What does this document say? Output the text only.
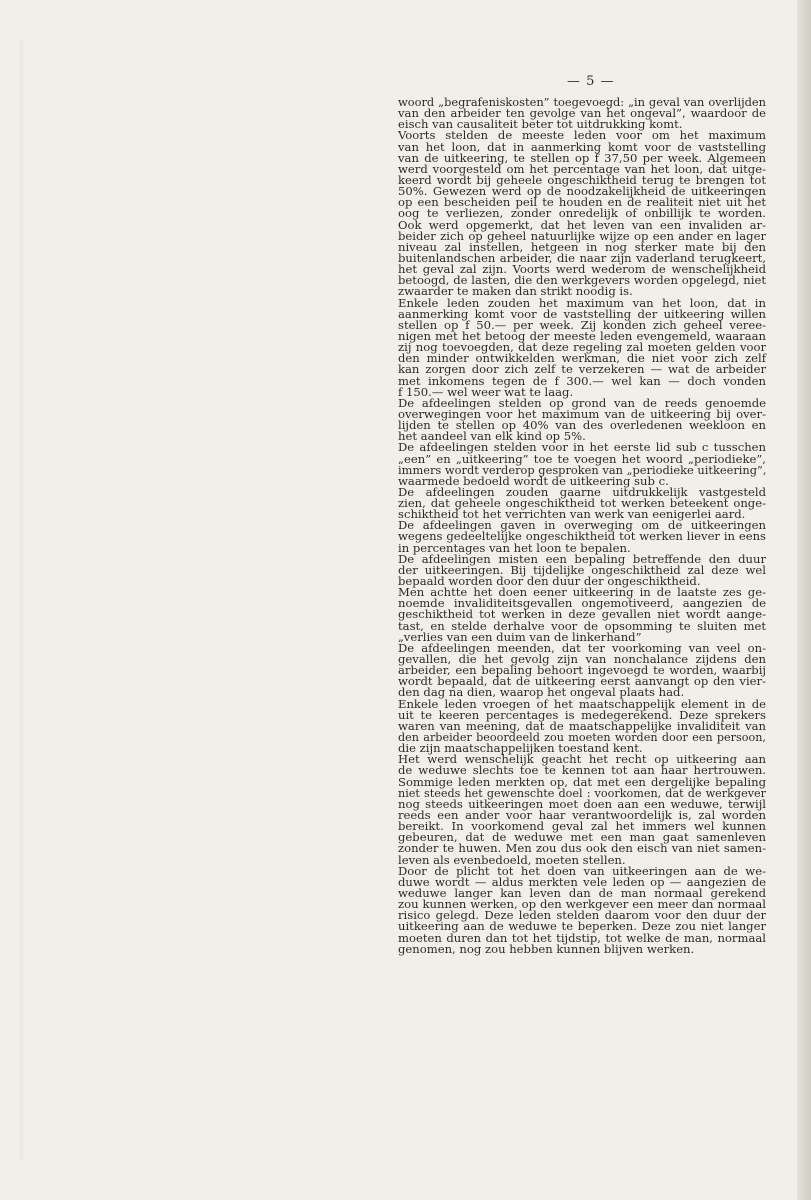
— 5 —
woord „begrafeniskosten” toegevoegd: „in geval van overlijden
van den arbeider ten gevolge van het ongeval”, waardoor de
eisch van causaliteit beter tot uitdrukking komt.
Voorts stelden de meeste leden voor om het maximum
van het loon, dat in aanmerking komt voor de vaststelling
van de uitkeering, te stellen op f 37,50 per week. Algemeen
werd voorgesteld om het percentage van het loon, dat uitge-
keerd wordt bij geheele ongeschiktheid terug te brengen tot
50%. Gewezen werd op de noodzakelijkheid de uitkeeringen
op een bescheiden peil te houden en de realiteit niet uit het
oog te verliezen, zonder onredelijk of onbillijk te worden.
Ook werd opgemerkt, dat het leven van een invaliden ar-
beider zich op geheel natuurlijke wijze op een ander en lager
niveau zal instellen, hetgeen in nog sterker mate bij den
buitenlandschen arbeider, die naar zijn vaderland terugkeert,
het geval zal zijn. Voorts werd wederom de wenschelijkheid
betoogd, de lasten, die den werkgevers worden opgelegd, niet
zwaarder te maken dan strikt noodig is.
Enkele leden zouden het maximum van het loon, dat in
aanmerking komt voor de vaststelling der uitkeering willen
stellen op f 50.— per week. Zij konden zich geheel veree-
nigen met het betoog der meeste leden evengemeld, waaraan
zij nog toevoegden, dat deze regeling zal moeten gelden voor
den minder ontwikkelden werkman, die niet voor zich zelf
kan zorgen door zich zelf te verzekeren — wat de arbeider
met inkomens tegen de f 300.— wel kan — doch vonden
f 150.— wel weer wat te laag.
De afdeelingen stelden op grond van de reeds genoemde
overwegingen voor het maximum van de uitkeering bij over-
lijden te stellen op 40% van des overledenen weekloon en
het aandeel van elk kind op 5%.
De afdeelingen stelden voor in het eerste lid sub c tusschen
„een” en „uitkeering” toe te voegen het woord „periodieke”,
immers wordt verderop gesproken van „periodieke uitkeering”,
waarmede bedoeld wordt de uitkeering sub c.
De afdeelingen zouden gaarne uitdrukkelijk vastgesteld
zien, dat geheele ongeschiktheid tot werken beteekent onge-
schiktheid tot het verrichten van werk van eenigerlei aard.
De afdeelingen gaven in overweging om de uitkeeringen
wegens gedeeltelijke ongeschiktheid tot werken liever in eens
in percentages van het loon te bepalen.
De afdeelingen misten een bepaling betreffende den duur
der uitkeeringen. Bij tijdelijke ongeschiktheid zal deze wel
bepaald worden door den duur der ongeschiktheid.
Men achtte het doen eener uitkeering in de laatste zes ge-
noemde invaliditeitsgevallen ongemotiveerd, aangezien de
geschiktheid tot werken in deze gevallen niet wordt aange-
tast, en stelde derhalve voor de opsomming te sluiten met
„verlies van een duim van de linkerhand”
De afdeelingen meenden, dat ter voorkoming van veel on-
gevallen, die het gevolg zijn van nonchalance zijdens den
arbeider, een bepaling behoort ingevoegd te worden, waarbij
wordt bepaald, dat de uitkeering eerst aanvangt op den vier-
den dag na dien, waarop het ongeval plaats had.
Enkele leden vroegen of het maatschappelijk element in de
uit te keeren percentages is medegerekend. Deze sprekers
waren van meening, dat de maatschappelijke invaliditeit van
den arbeider beoordeeld zou moeten worden door een persoon,
die zijn maatschappelijken toestand kent.
Het werd wenschelijk geacht het recht op uitkeering aan
de weduwe slechts toe te kennen tot aan haar hertrouwen.
Sommige leden merkten op, dat met een dergelijke bepaling
niet steeds het gewenschte doel : voorkomen, dat de werkgever
nog steeds uitkeeringen moet doen aan een weduwe, terwijl
reeds een ander voor haar verantwoordelijk is, zal worden
bereikt. In voorkomend geval zal het immers wel kunnen
gebeuren, dat de weduwe met een man gaat samenleven
zonder te huwen. Men zou dus ook den eisch van niet samen-
leven als evenbedoeld, moeten stellen.
Door de plicht tot het doen van uitkeeringen aan de we-
duwe wordt — aldus merkten vele leden op — aangezien de
weduwe langer kan leven dan de man normaal gerekend
zou kunnen werken, op den werkgever een meer dan normaal
risico gelegd. Deze leden stelden daarom voor den duur der
uitkeering aan de weduwe te beperken. Deze zou niet langer
moeten duren dan tot het tijdstip, tot welke de man, normaal
genomen, nog zou hebben kunnen blijven werken.
